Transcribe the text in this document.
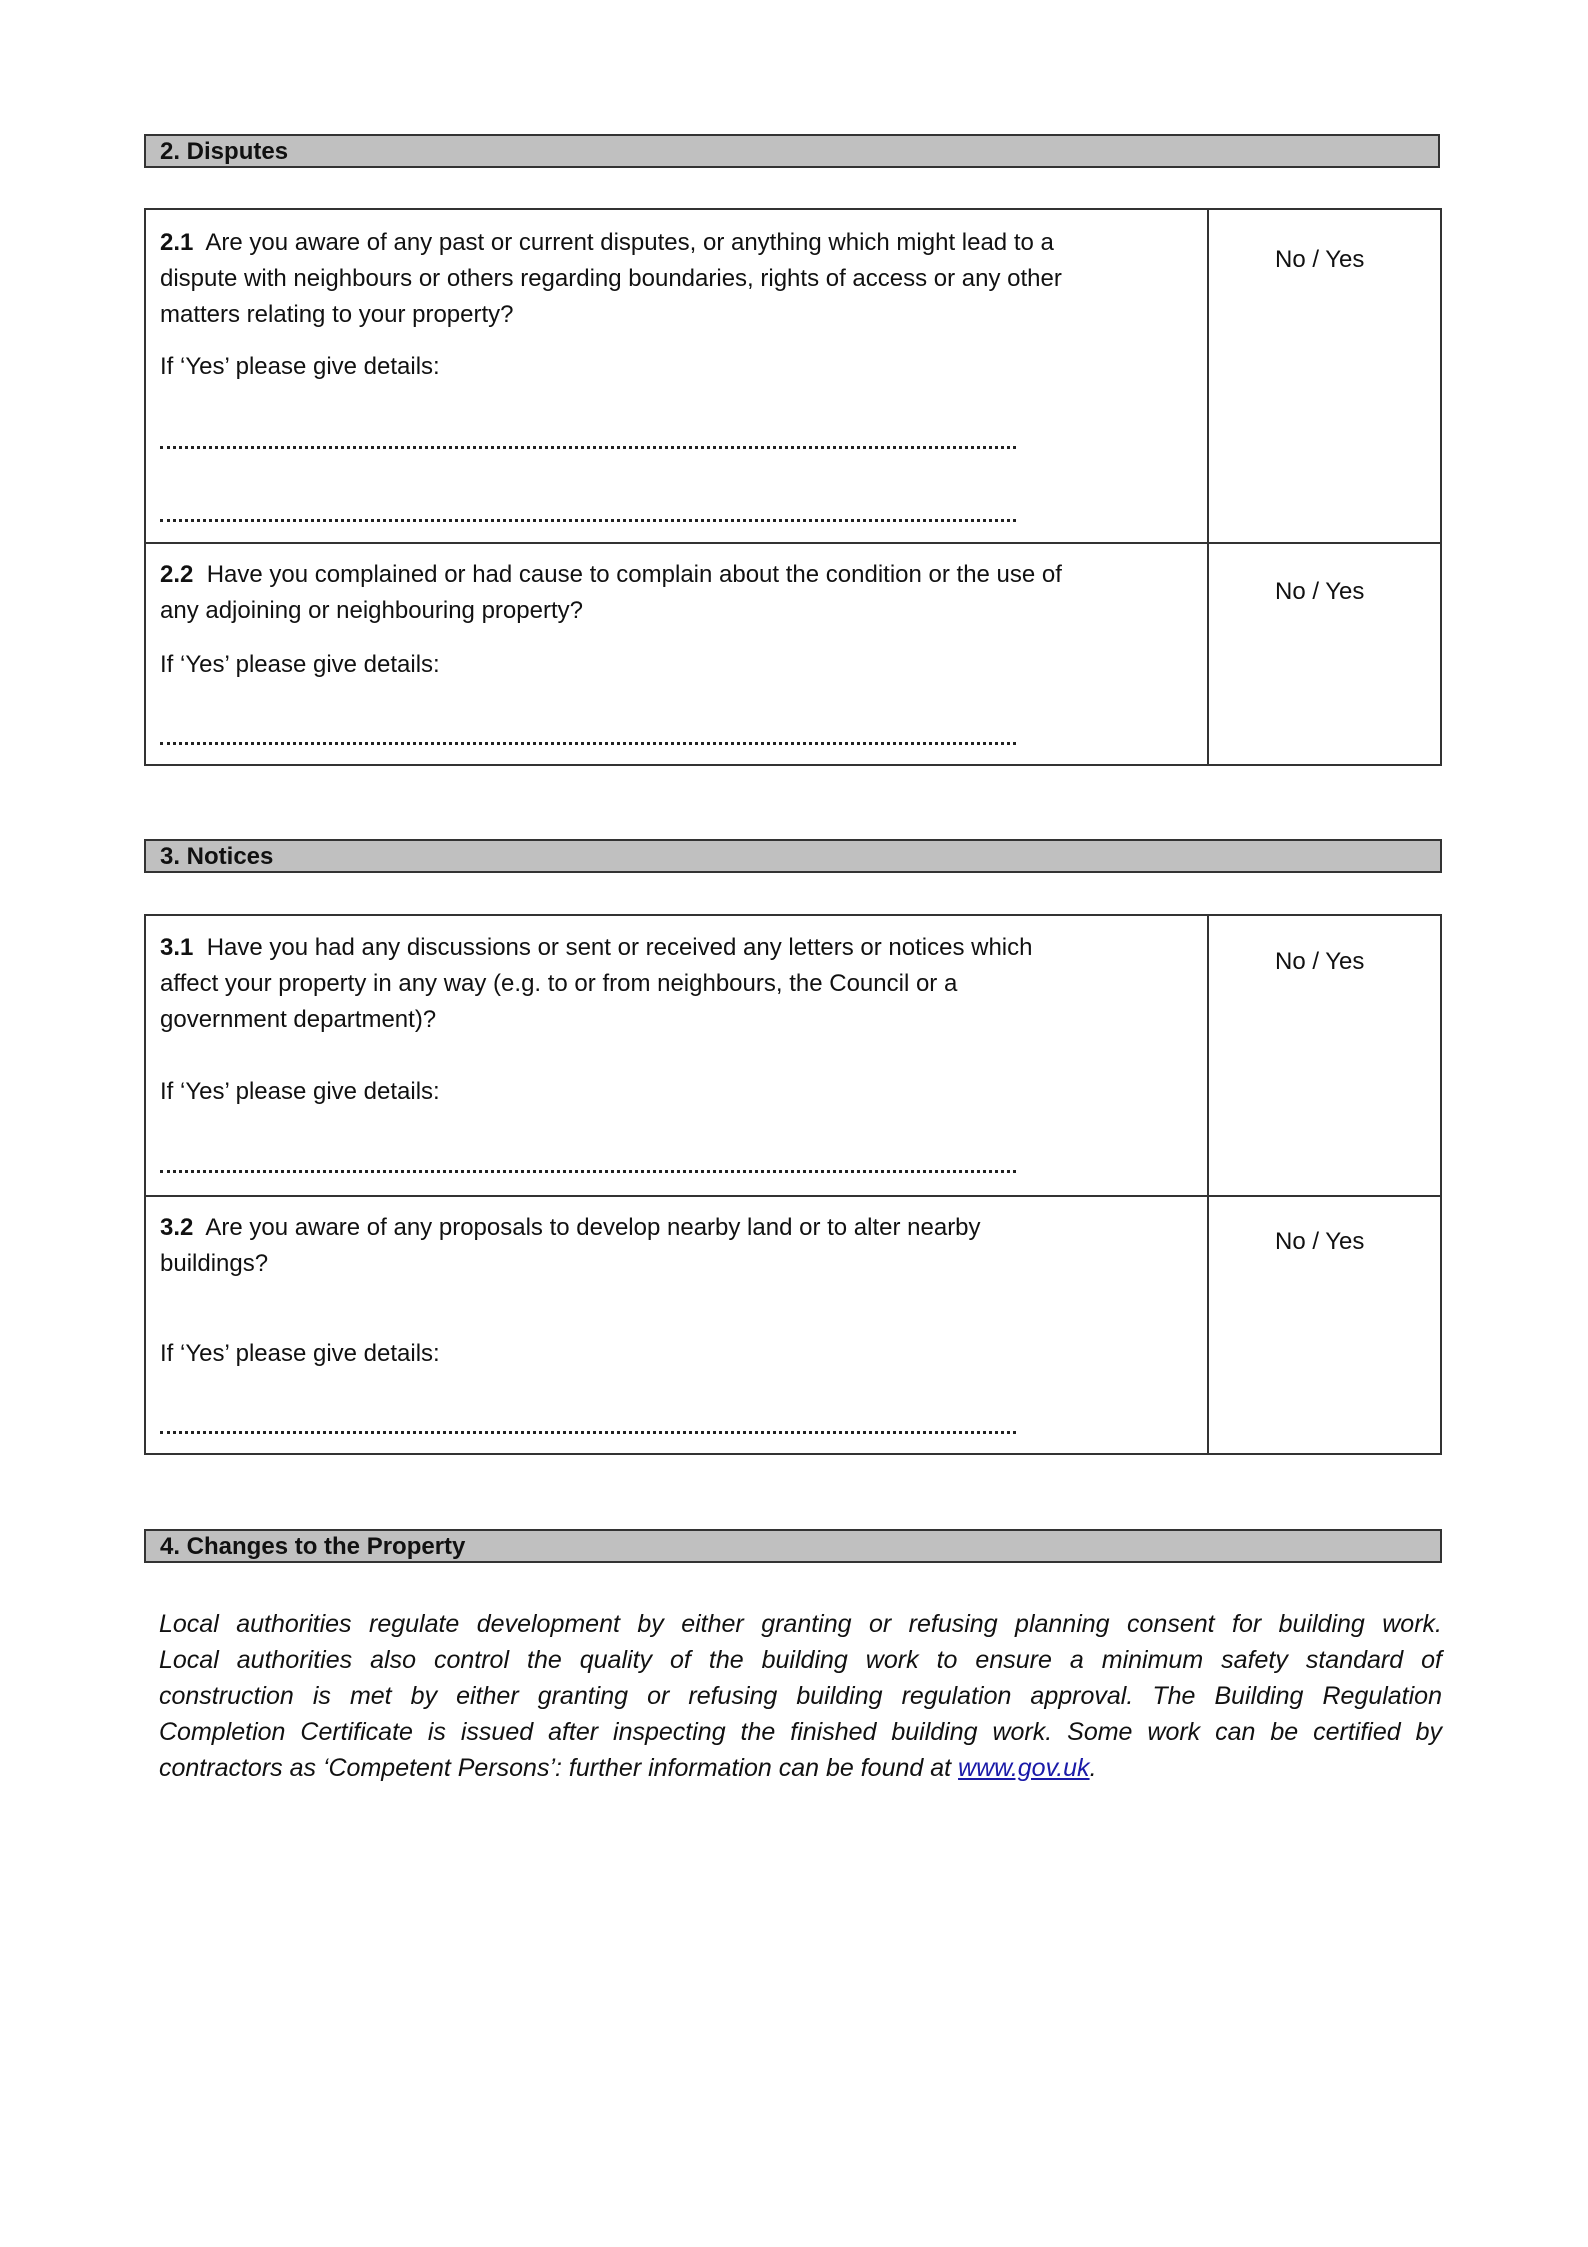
2. Disputes
2.1 Are you aware of any past or current disputes, or anything which might lead to a
dispute with neighbours or others regarding boundaries, rights of access or any other
matters relating to your property?
If ‘Yes’ please give details:
No / Yes
2.2 Have you complained or had cause to complain about the condition or the use of
any adjoining or neighbouring property?
If ‘Yes’ please give details:
No / Yes
3. Notices
3.1 Have you had any discussions or sent or received any letters or notices which
affect your property in any way (e.g. to or from neighbours, the Council or a
government department)?
If ‘Yes’ please give details:
No / Yes
3.2 Are you aware of any proposals to develop nearby land or to alter nearby
buildings?
If ‘Yes’ please give details:
No / Yes
4. Changes to the Property
Local authorities regulate development by either granting or refusing planning consent for building work.
Local authorities also control the quality of the building work to ensure a minimum safety standard of
construction is met by either granting or refusing building regulation approval. The Building Regulation
Completion Certificate is issued after inspecting the finished building work. Some work can be certified by
contractors as ‘Competent Persons’: further information can be found at www.gov.uk.
